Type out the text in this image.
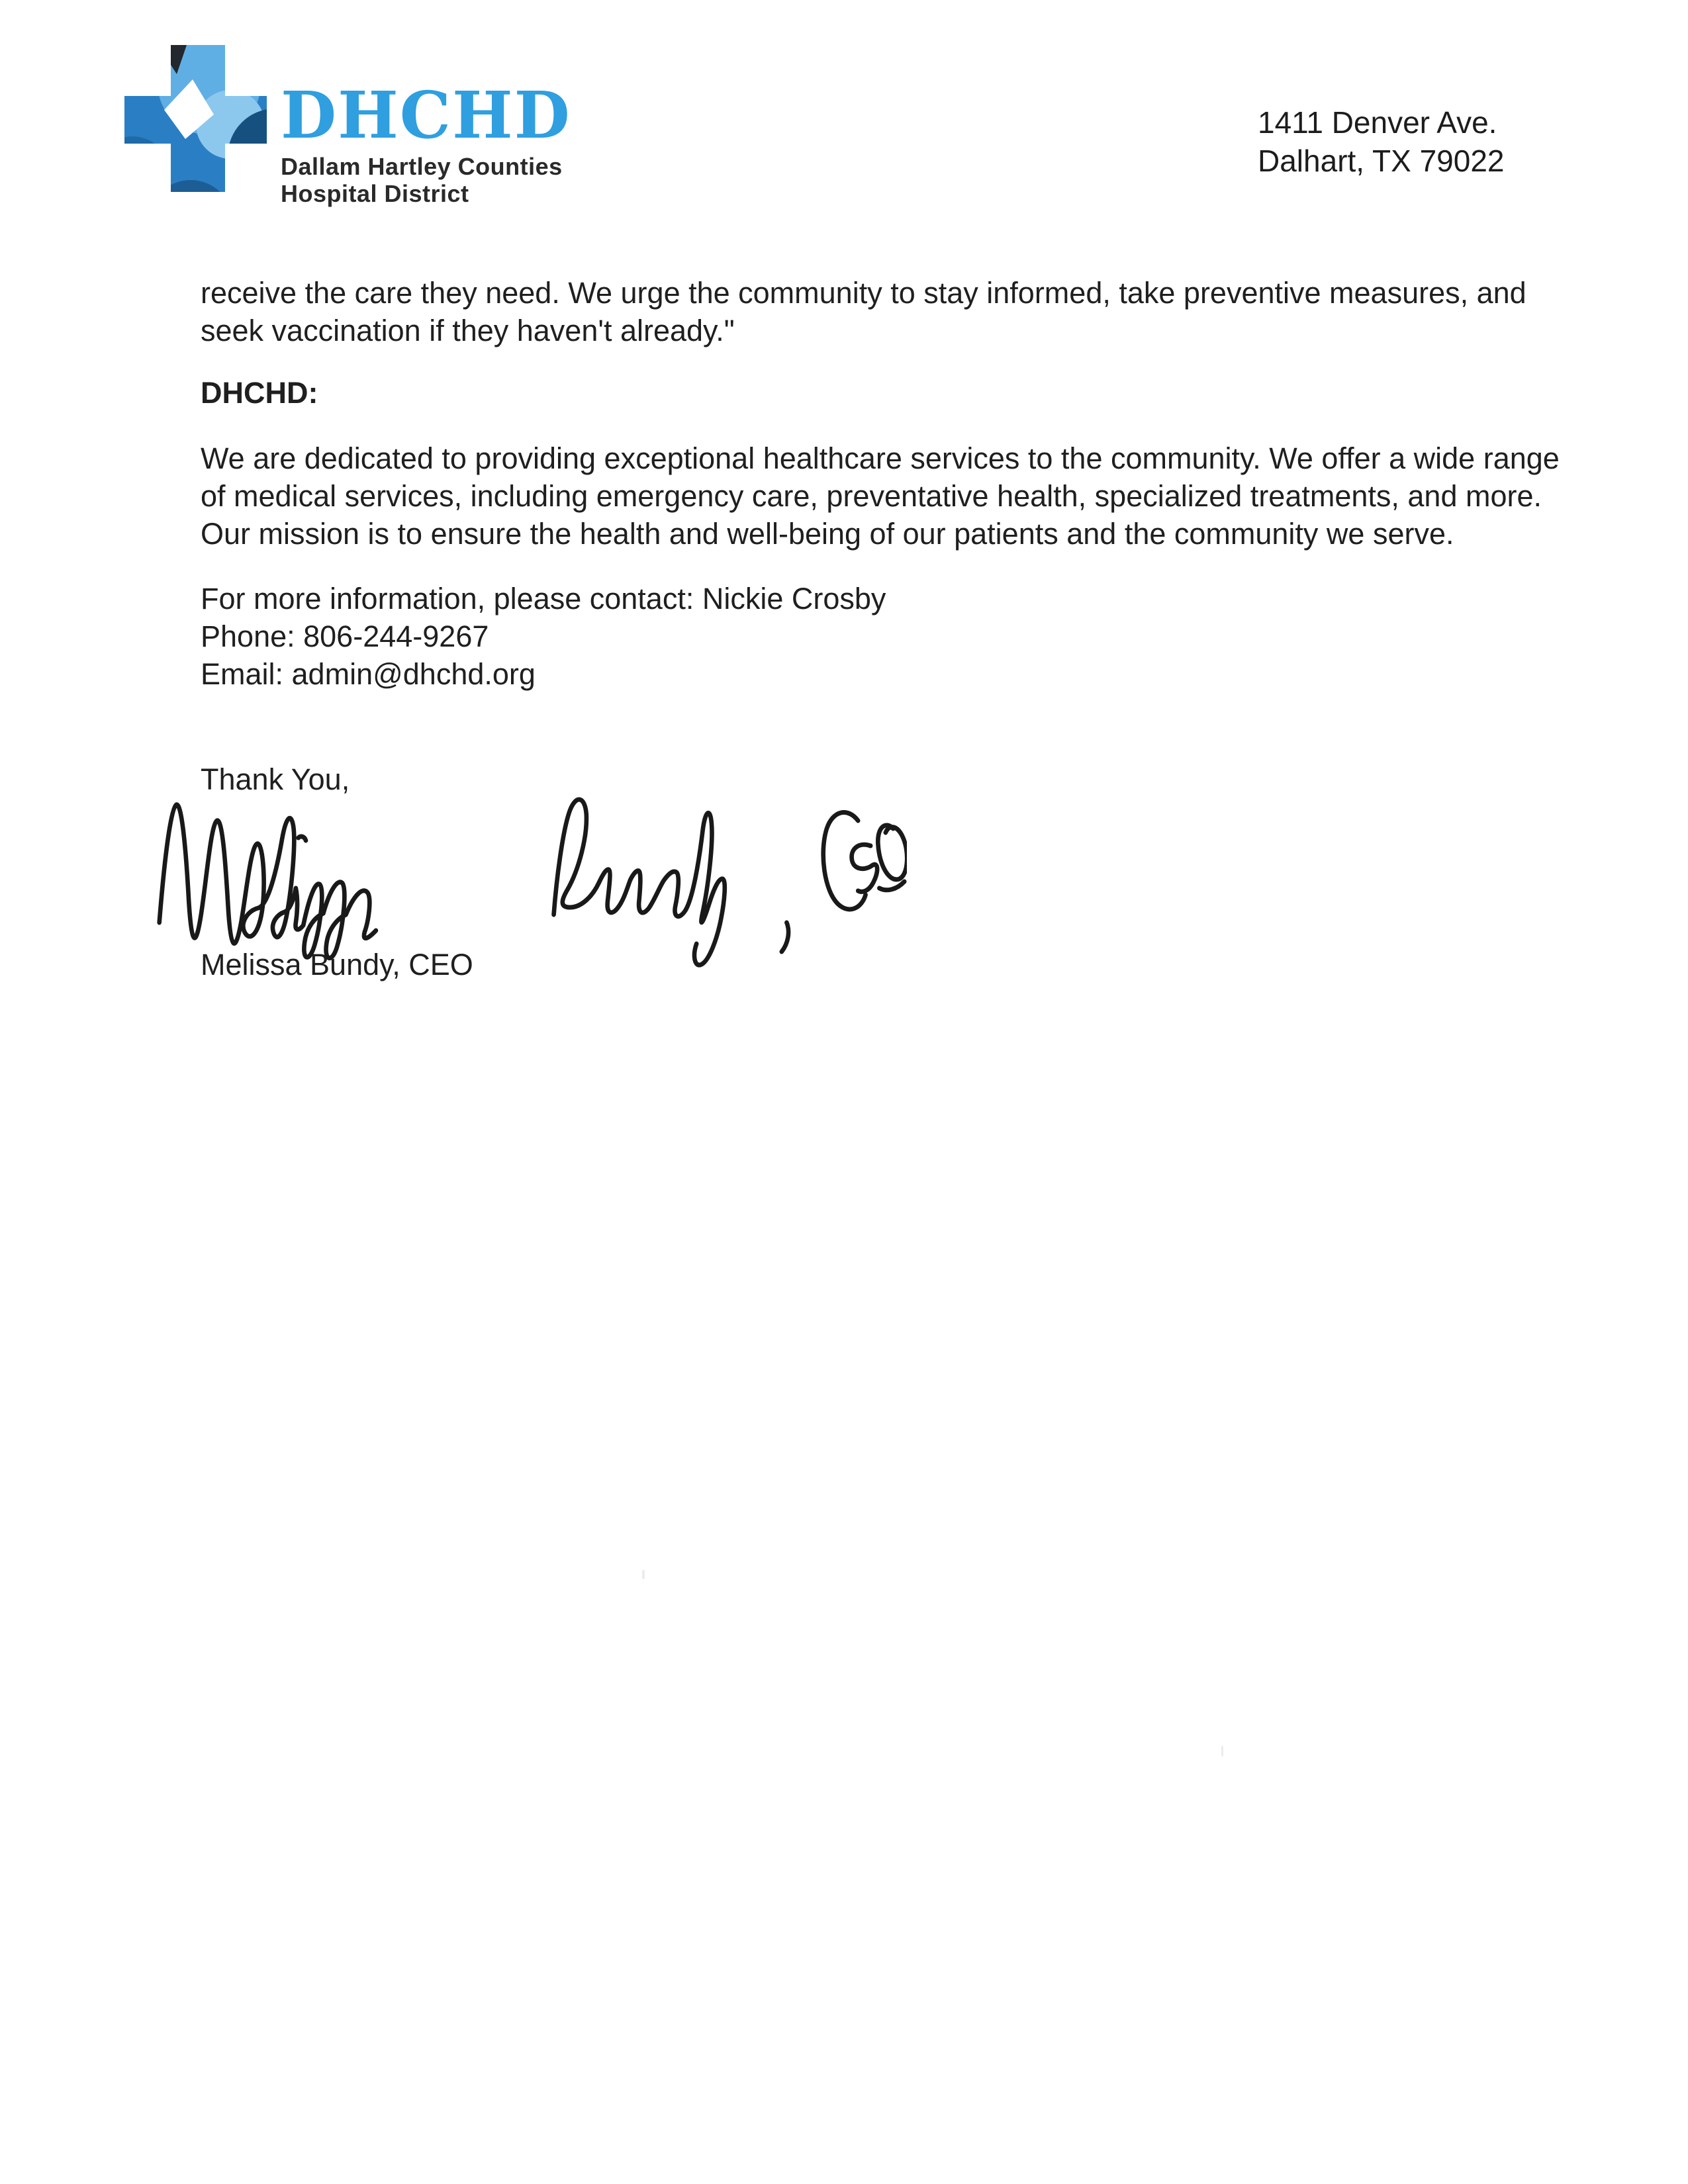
DHCHD
Dallam Hartley Counties
Hospital District
1411 Denver Ave.
Dalhart, TX 79022
receive the care they need. We urge the community to stay informed, take preventive measures, and
seek vaccination if they haven't already."
DHCHD:
We are dedicated to providing exceptional healthcare services to the community. We offer a wide range
of medical services, including emergency care, preventative health, specialized treatments, and more.
Our mission is to ensure the health and well-being of our patients and the community we serve.
For more information, please contact: Nickie Crosby
Phone: 806-244-9267
Email: admin@dhchd.org
Thank You,
Melissa Bundy, CEO
